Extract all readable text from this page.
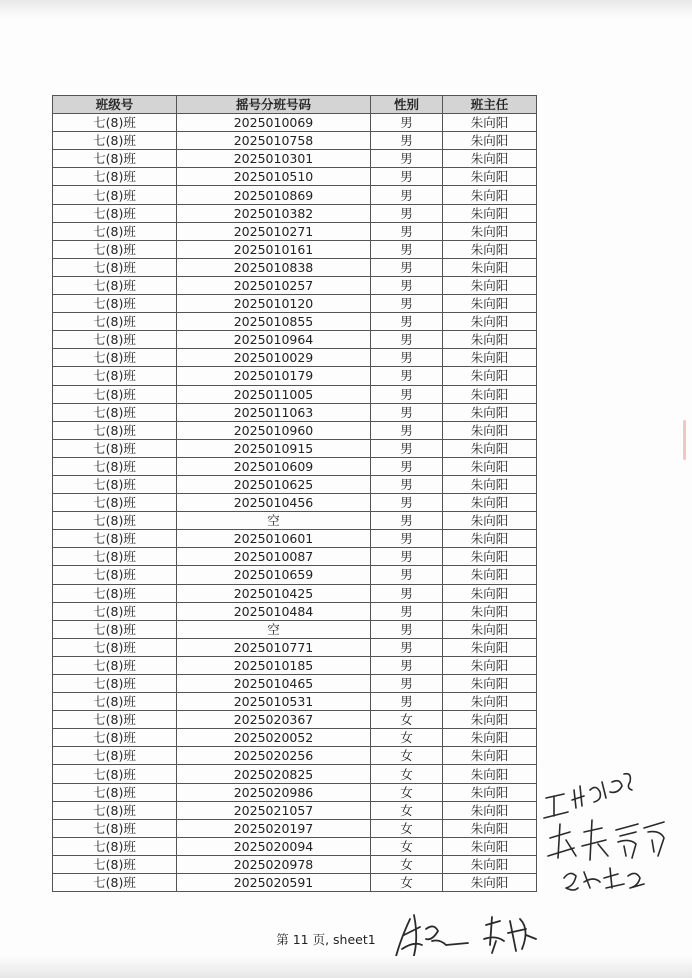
班级号	摇号分班号码	性别	班主任
七(8)班	2025010069	男	朱向阳
七(8)班	2025010758	男	朱向阳
七(8)班	2025010301	男	朱向阳
七(8)班	2025010510	男	朱向阳
七(8)班	2025010869	男	朱向阳
七(8)班	2025010382	男	朱向阳
七(8)班	2025010271	男	朱向阳
七(8)班	2025010161	男	朱向阳
七(8)班	2025010838	男	朱向阳
七(8)班	2025010257	男	朱向阳
七(8)班	2025010120	男	朱向阳
七(8)班	2025010855	男	朱向阳
七(8)班	2025010964	男	朱向阳
七(8)班	2025010029	男	朱向阳
七(8)班	2025010179	男	朱向阳
七(8)班	2025011005	男	朱向阳
七(8)班	2025011063	男	朱向阳
七(8)班	2025010960	男	朱向阳
七(8)班	2025010915	男	朱向阳
七(8)班	2025010609	男	朱向阳
七(8)班	2025010625	男	朱向阳
七(8)班	2025010456	男	朱向阳
七(8)班	空	男	朱向阳
七(8)班	2025010601	男	朱向阳
七(8)班	2025010087	男	朱向阳
七(8)班	2025010659	男	朱向阳
七(8)班	2025010425	男	朱向阳
七(8)班	2025010484	男	朱向阳
七(8)班	空	男	朱向阳
七(8)班	2025010771	男	朱向阳
七(8)班	2025010185	男	朱向阳
七(8)班	2025010465	男	朱向阳
七(8)班	2025010531	男	朱向阳
七(8)班	2025020367	女	朱向阳
七(8)班	2025020052	女	朱向阳
七(8)班	2025020256	女	朱向阳
七(8)班	2025020825	女	朱向阳
七(8)班	2025020986	女	朱向阳
七(8)班	2025021057	女	朱向阳
七(8)班	2025020197	女	朱向阳
七(8)班	2025020094	女	朱向阳
七(8)班	2025020978	女	朱向阳
七(8)班	2025020591	女	朱向阳
第 11 页, sheet1
